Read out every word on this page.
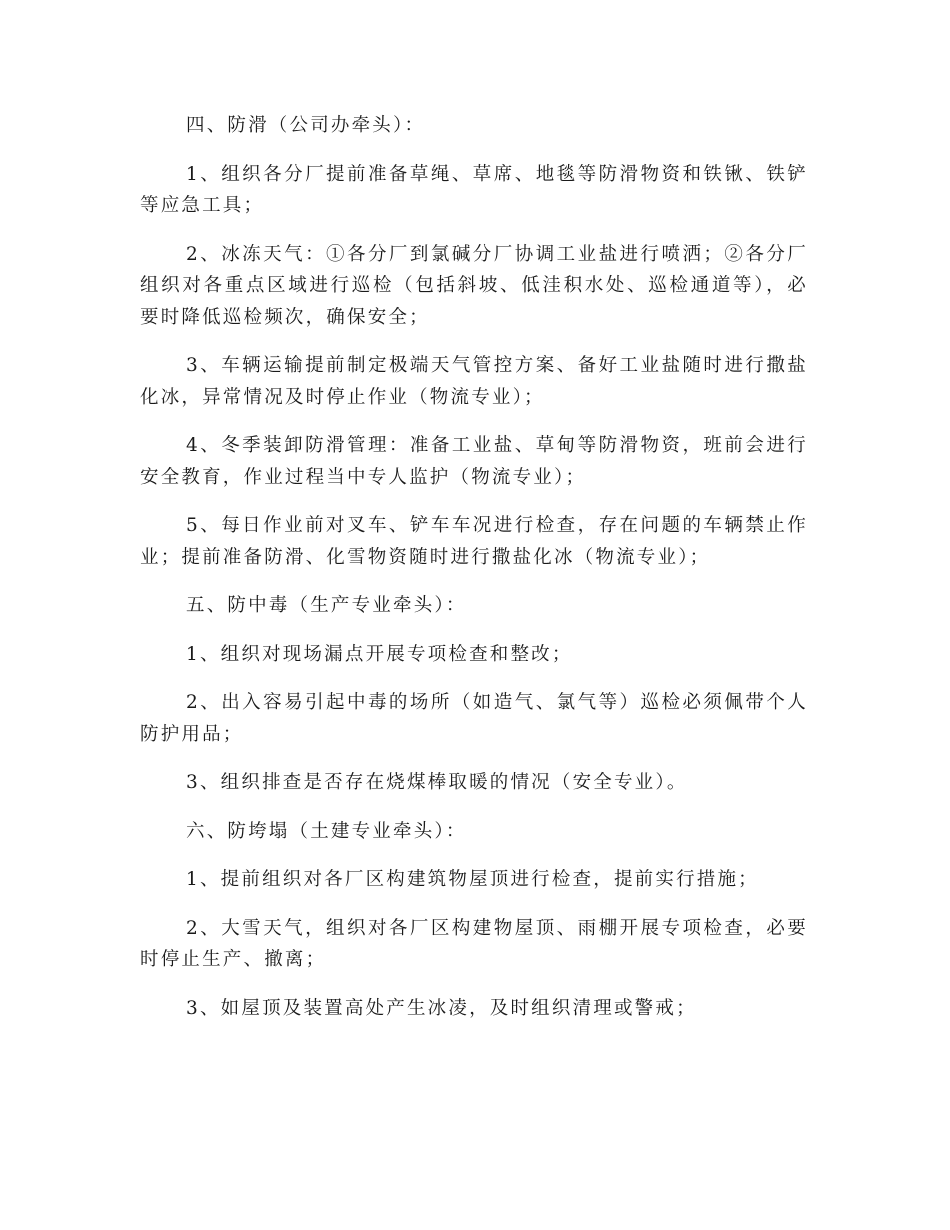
四、防滑（公司办牵头）：

1、组织各分厂提前准备草绳、草席、地毯等防滑物资和铁锹、铁铲等应急工具；

2、冰冻天气：①各分厂到氯碱分厂协调工业盐进行喷洒；②各分厂组织对各重点区域进行巡检（包括斜坡、低洼积水处、巡检通道等），必要时降低巡检频次，确保安全；

3、车辆运输提前制定极端天气管控方案、备好工业盐随时进行撒盐化冰，异常情况及时停止作业（物流专业）；

4、冬季装卸防滑管理：准备工业盐、草甸等防滑物资，班前会进行安全教育，作业过程当中专人监护（物流专业）；

5、每日作业前对叉车、铲车车况进行检查，存在问题的车辆禁止作业；提前准备防滑、化雪物资随时进行撒盐化冰（物流专业）；

五、防中毒（生产专业牵头）：

1、组织对现场漏点开展专项检查和整改；

2、出入容易引起中毒的场所（如造气、氯气等）巡检必须佩带个人防护用品；

3、组织排查是否存在烧煤棒取暖的情况（安全专业）。

六、防垮塌（土建专业牵头）：

1、提前组织对各厂区构建筑物屋顶进行检查，提前实行措施；

2、大雪天气，组织对各厂区构建物屋顶、雨棚开展专项检查，必要时停止生产、撤离；

3、如屋顶及装置高处产生冰凌，及时组织清理或警戒；
